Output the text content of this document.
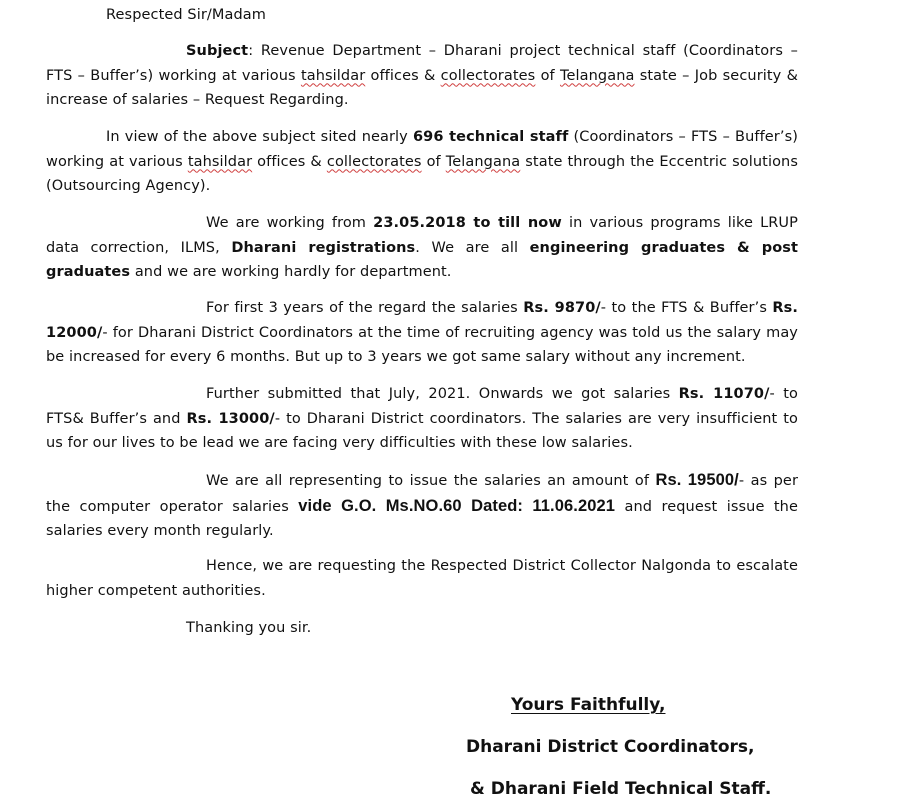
Respected Sir/Madam
Subject: Revenue Department – Dharani project technical staff (Coordinators – FTS – Buffer’s) working at various tahsildar offices & collectorates of Telangana state – Job security & increase of salaries – Request Regarding.
In view of the above subject sited nearly 696 technical staff (Coordinators – FTS – Buffer’s) working at various tahsildar offices & collectorates of Telangana state through the Eccentric solutions (Outsourcing Agency).
We are working from 23.05.2018 to till now in various programs like LRUP data correction, ILMS, Dharani registrations. We are all engineering graduates & post graduates and we are working hardly for department.
For first 3 years of the regard the salaries Rs. 9870/- to the FTS & Buffer’s Rs. 12000/- for Dharani District Coordinators at the time of recruiting agency was told us the salary may be increased for every 6 months. But up to 3 years we got same salary without any increment.
Further submitted that July, 2021. Onwards we got salaries Rs. 11070/- to FTS& Buffer’s and Rs. 13000/- to Dharani District coordinators. The salaries are very insufficient to us for our lives to be lead we are facing very difficulties with these low salaries.
We are all representing to issue the salaries an amount of Rs. 19500/- as per the computer operator salaries vide G.O. Ms.NO.60 Dated: 11.06.2021 and request issue the salaries every month regularly.
Hence, we are requesting the Respected District Collector Nalgonda to escalate higher competent authorities.
Thanking you sir.
Yours Faithfully,
Dharani District Coordinators,
& Dharani Field Technical Staff.
